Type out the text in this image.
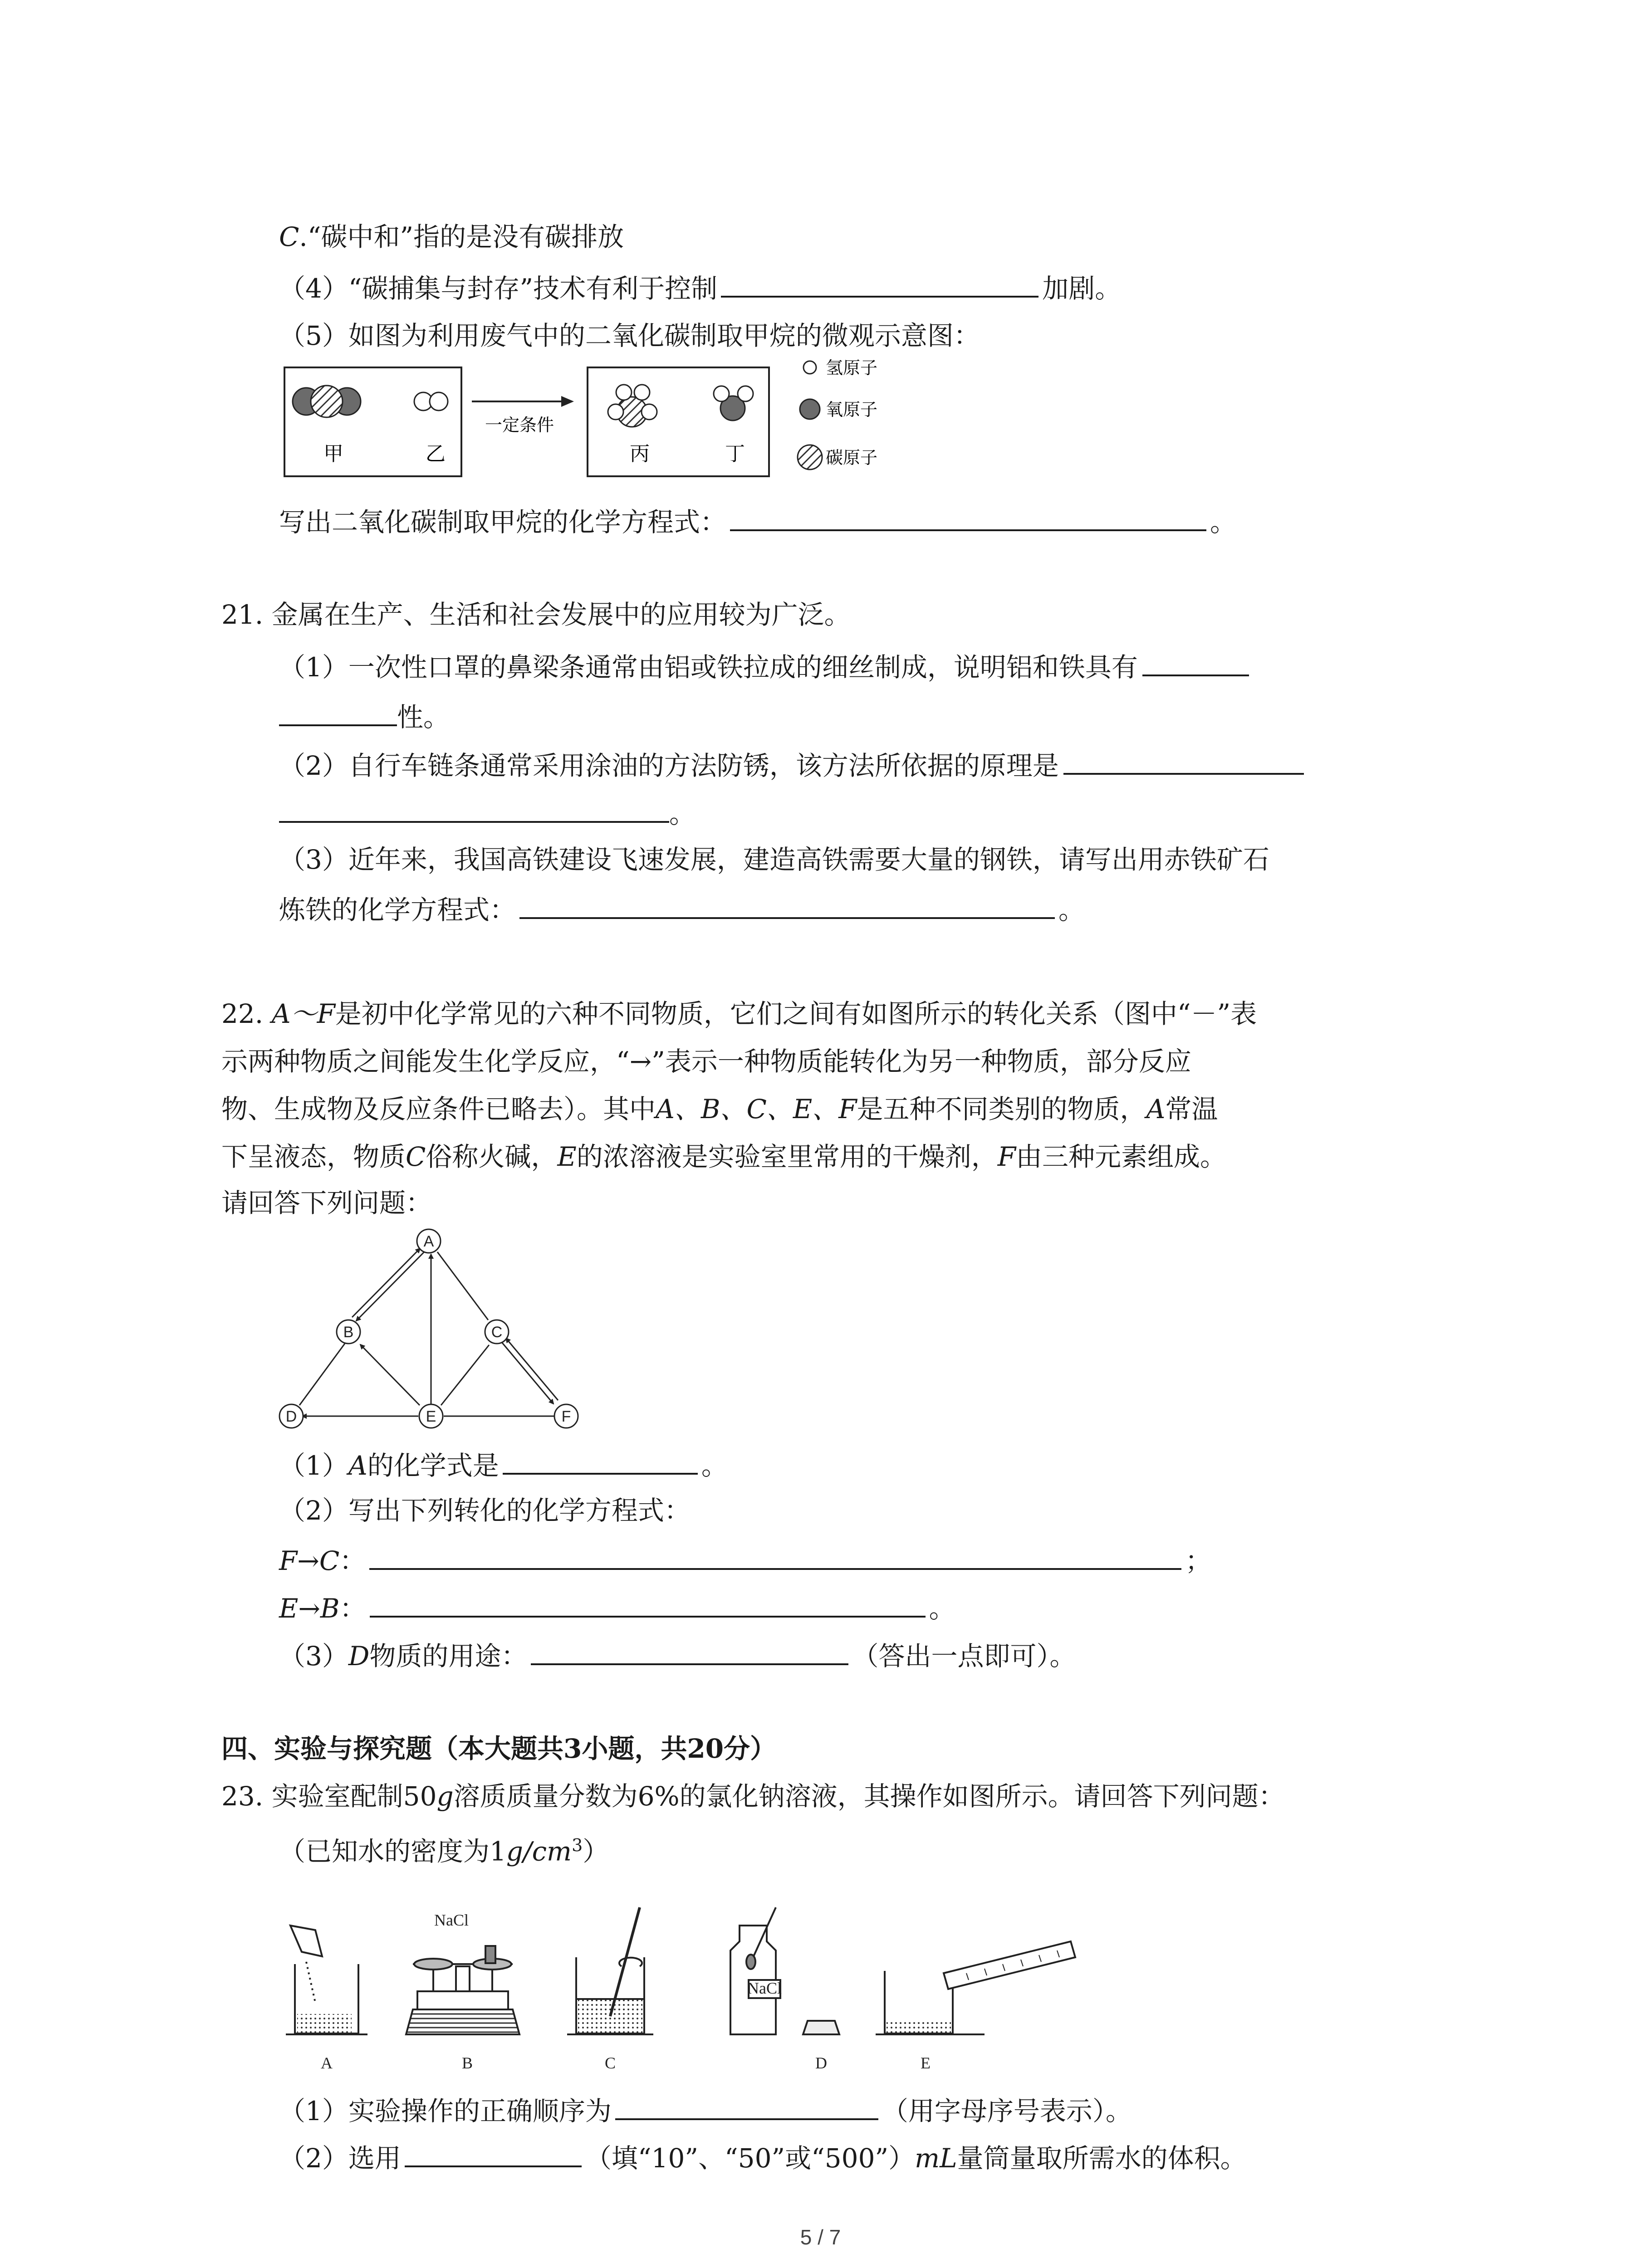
C.“碳中和”指的是没有碳排放
（4）“碳捕集与封存”技术有利于控制	加剧。
（5）如图为利用废气中的二氧化碳制取甲烷的微观示意图：
甲	乙
一定条件
丙	丁
氢原子
氧原子
碳原子
写出二氧化碳制取甲烷的化学方程式：	。
21. 金属在生产、生活和社会发展中的应用较为广泛。
（1）一次性口罩的鼻梁条通常由铝或铁拉成的细丝制成，说明铝和铁具有
性。
（2）自行车链条通常采用涂油的方法防锈，该方法所依据的原理是
。
（3）近年来，我国高铁建设飞速发展，建造高铁需要大量的钢铁，请写出用赤铁矿石
炼铁的化学方程式：	。
22. A～F是初中化学常见的六种不同物质，它们之间有如图所示的转化关系（图中“－”表
示两种物质之间能发生化学反应，“→”表示一种物质能转化为另一种物质，部分反应
物、生成物及反应条件已略去）。其中A、B、C、E、F是五种不同类别的物质，A常温
下呈液态，物质C俗称火碱，E的浓溶液是实验室里常用的干燥剂，F由三种元素组成。
请回答下列问题：
A
B	C
D	E	F
（1）A的化学式是	。
（2）写出下列转化的化学方程式：
F→C：	；
E→B：	。
（3）D物质的用途：	（答出一点即可）。
四、实验与探究题（本大题共3小题，共20分）
23. 实验室配制50g溶质质量分数为6%的氯化钠溶液，其操作如图所示。请回答下列问题：
（已知水的密度为$1g/cm^3$）
NaCl
NaCl
A	B	C	D	E
（1）实验操作的正确顺序为	（用字母序号表示）。
（2）选用	（填“10”、“50”或“500”）mL量筒量取所需水的体积。
5 / 7
